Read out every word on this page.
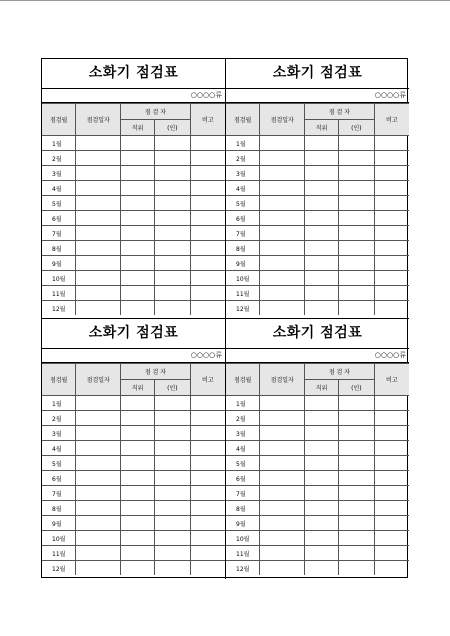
소화기 점검표
○○○○류
점검월	점검일자	점 검 자		비고
		직위	(인)	
1월				
2월				
3월				
4월				
5월				
6월				
7월				
8월				
9월				
10월				
11월				
12월				
소화기 점검표
○○○○류
점검월	점검일자	점 검 자		비고
		직위	(인)	
1월				
2월				
3월				
4월				
5월				
6월				
7월				
8월				
9월				
10월				
11월				
12월				
소화기 점검표
○○○○류
점검월	점검일자	점 검 자		비고
		직위	(인)	
1월				
2월				
3월				
4월				
5월				
6월				
7월				
8월				
9월				
10월				
11월				
12월				
소화기 점검표
○○○○류
점검월	점검일자	점 검 자		비고
		직위	(인)	
1월				
2월				
3월				
4월				
5월				
6월				
7월				
8월				
9월				
10월				
11월				
12월				
